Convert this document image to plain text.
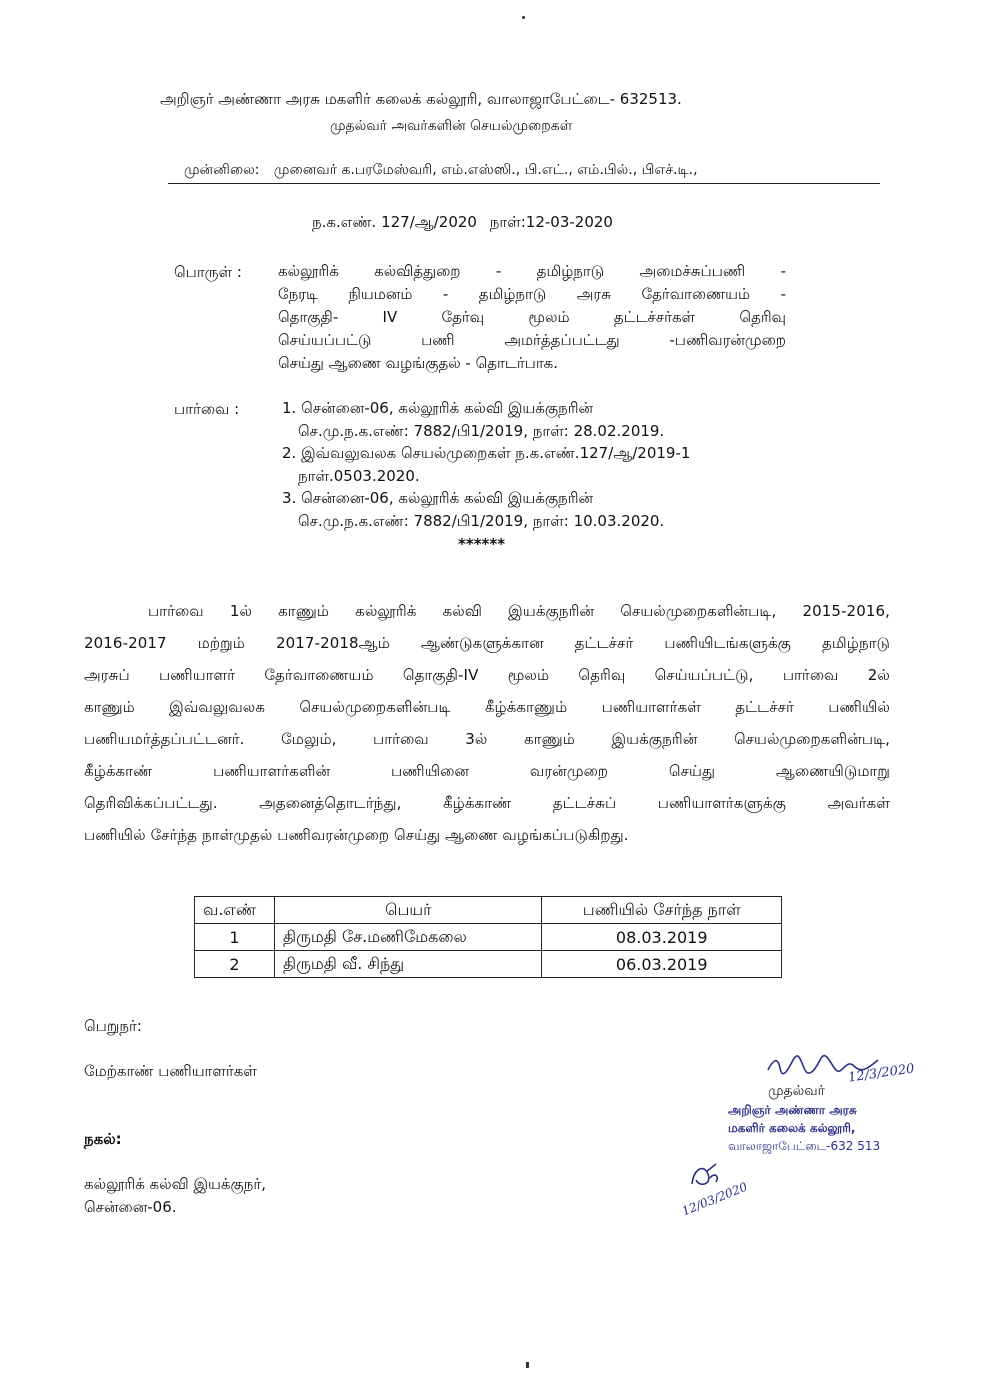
அறிஞர் அண்ணா அரசு மகளிர் கலைக் கல்லூரி, வாலாஜாபேட்டை- 632513.
முதல்வர் அவர்களின் செயல்முறைகள்
முன்னிலை: முனைவர் க.பரமேஸ்வரி, எம்.எஸ்ஸி., பி.எட்., எம்.பில்., பிஎச்.டி.,
ந.க.எண். 127/ஆ/2020 நாள்:12-03-2020
பொருள் : கல்லூரிக் கல்வித்துறை - தமிழ்நாடு அமைச்சுப்பணி -
நேரடி நியமனம் - தமிழ்நாடு அரசு தேர்வாணையம் -
தொகுதி- IV தேர்வு மூலம் தட்டச்சர்கள் தெரிவு
செய்யப்பட்டு பணி அமர்த்தப்பட்டது -பணிவரன்முறை
செய்து ஆணை வழங்குதல் - தொடர்பாக.
பார்வை :	1. சென்னை-06, கல்லூரிக் கல்வி இயக்குநரின்
செ.மு.ந.க.எண்: 7882/பி1/2019, நாள்: 28.02.2019.
2. இவ்வலுவலக செயல்முறைகள் ந.க.எண்.127/ஆ/2019-1
நாள்.0503.2020.
3. சென்னை-06, கல்லூரிக் கல்வி இயக்குநரின்
செ.மு.ந.க.எண்: 7882/பி1/2019, நாள்: 10.03.2020.
******
பார்வை 1ல் காணும் கல்லூரிக் கல்வி இயக்குநரின் செயல்முறைகளின்படி, 2015-2016,
2016-2017 மற்றும் 2017-2018ஆம் ஆண்டுகளுக்கான தட்டச்சர் பணியிடங்களுக்கு தமிழ்நாடு
அரசுப் பணியாளர் தேர்வாணையம் தொகுதி-IV மூலம் தெரிவு செய்யப்பட்டு, பார்வை 2ல்
காணும் இவ்வலுவலக செயல்முறைகளின்படி கீழ்க்காணும் பணியாளர்கள் தட்டச்சர் பணியில்
பணியமர்த்தப்பட்டனர். மேலும், பார்வை 3ல் காணும் இயக்குநரின் செயல்முறைகளின்படி,
கீழ்க்காண் பணியாளர்களின் பணியினை வரன்முறை செய்து ஆணையிடுமாறு
தெரிவிக்கப்பட்டது. அதனைத்தொடர்ந்து, கீழ்க்காண் தட்டச்சுப் பணியாளர்களுக்கு அவர்கள்
பணியில் சேர்ந்த நாள்முதல் பணிவரன்முறை செய்து ஆணை வழங்கப்படுகிறது.
வ.எண்	பெயர்	பணியில் சேர்ந்த நாள்
1	திருமதி சே.மணிமேகலை	08.03.2019
2	திருமதி வீ. சிந்து	06.03.2019
பெறுநர்:
மேற்காண் பணியாளர்கள்
நகல்:
கல்லூரிக் கல்வி இயக்குநர்,
சென்னை-06.
12/3/2020
முதல்வர்
அறிஞர் அண்ணா அரசு
மகளிர் கலைக் கல்லூரி,
வாலாஜாபேட்டை-632 513
12/03/2020
